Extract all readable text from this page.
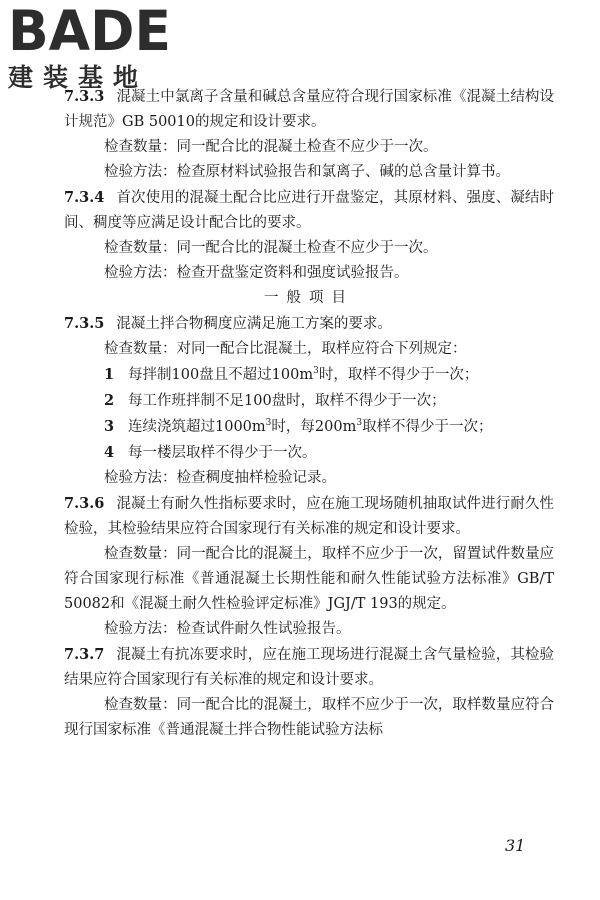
BADE
建装基地

7.3.3 混凝土中氯离子含量和碱总含量应符合现行国家标准《混凝土结构设计规范》GB 50010的规定和设计要求。

检查数量：同一配合比的混凝土检查不应少于一次。

检验方法：检查原材料试验报告和氯离子、碱的总含量计算书。

7.3.4 首次使用的混凝土配合比应进行开盘鉴定，其原材料、强度、凝结时间、稠度等应满足设计配合比的要求。

检查数量：同一配合比的混凝土检查不应少于一次。

检验方法：检查开盘鉴定资料和强度试验报告。

一般项目

7.3.5 混凝土拌合物稠度应满足施工方案的要求。

检查数量：对同一配合比混凝土，取样应符合下列规定：

1 每拌制100盘且不超过$100m^3$时，取样不得少于一次；

2 每工作班拌制不足100盘时，取样不得少于一次；

3 连续浇筑超过$1000m^3$时，每$200m^3$取样不得少于一次；

4 每一楼层取样不得少于一次。

检验方法：检查稠度抽样检验记录。

7.3.6 混凝土有耐久性指标要求时，应在施工现场随机抽取试件进行耐久性检验，其检验结果应符合国家现行有关标准的规定和设计要求。

检查数量：同一配合比的混凝土，取样不应少于一次，留置试件数量应符合国家现行标准《普通混凝土长期性能和耐久性能试验方法标准》GB/T 50082和《混凝土耐久性检验评定标准》JGJ/T 193的规定。

检验方法：检查试件耐久性试验报告。

7.3.7 混凝土有抗冻要求时，应在施工现场进行混凝土含气量检验，其检验结果应符合国家现行有关标准的规定和设计要求。

检查数量：同一配合比的混凝土，取样不应少于一次，取样数量应符合现行国家标准《普通混凝土拌合物性能试验方法标

31
